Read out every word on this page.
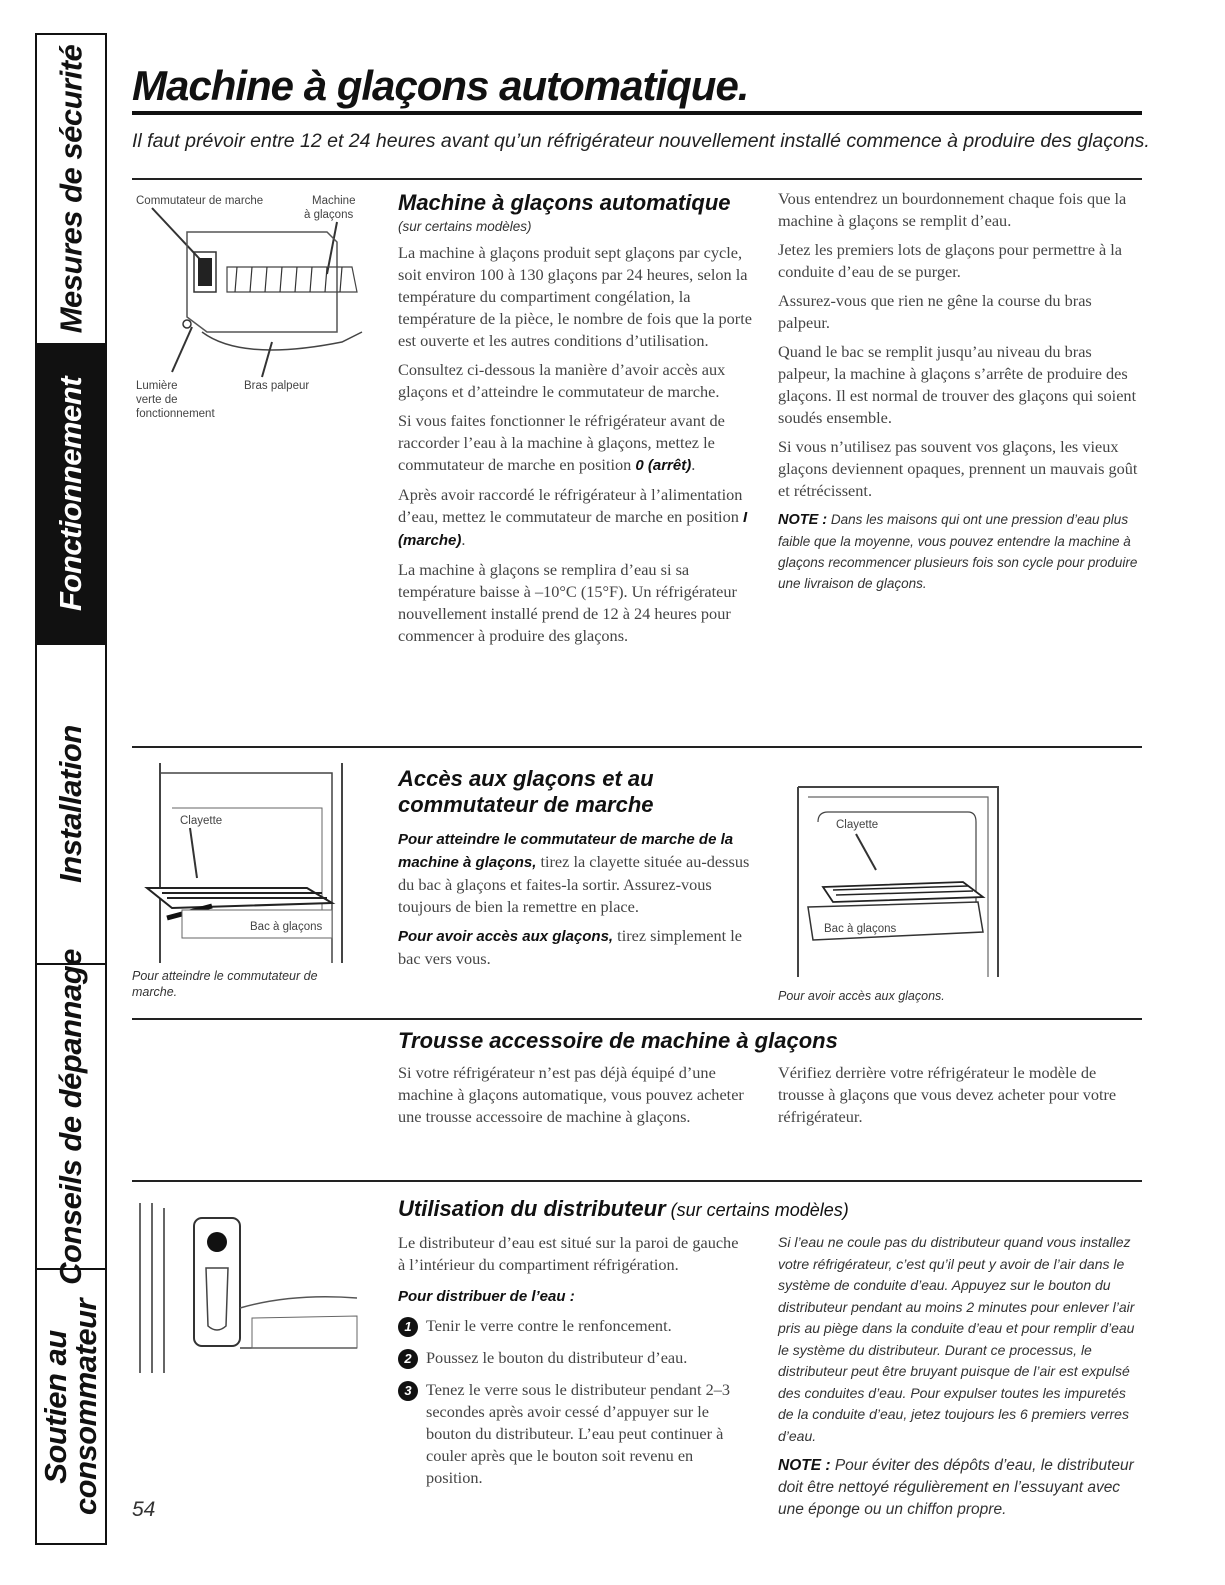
Mesures de sécurité
Fonctionnement
Installation
Conseils de dépannage
Soutien au consommateur
Machine à glaçons automatique.
Il faut prévoir entre 12 et 24 heures avant qu’un réfrigérateur nouvellement installé commence à produire des glaçons.
Commutateur de marche	Machine
à glaçons
Lumière
verte de
fonctionnement
Bras palpeur
Machine à glaçons automatique
(sur certains modèles)

La machine à glaçons produit sept glaçons par cycle, soit environ 100 à 130 glaçons par 24 heures, selon la température du compartiment congélation, la température de la pièce, le nombre de fois que la porte est ouverte et les autres conditions d’utilisation.

Consultez ci-dessous la manière d’avoir accès aux glaçons et d’atteindre le commutateur de marche.

Si vous faites fonctionner le réfrigérateur avant de raccorder l’eau à la machine à glaçons, mettez le commutateur de marche en position 0 (arrêt).

Après avoir raccordé le réfrigérateur à l’alimentation d’eau, mettez le commutateur de marche en position I (marche).

La machine à glaçons se remplira d’eau si sa température baisse à –10°C (15°F). Un réfrigérateur nouvellement installé prend de 12 à 24 heures pour commencer à produire des glaçons.

Vous entendrez un bourdonnement chaque fois que la machine à glaçons se remplit d’eau.

Jetez les premiers lots de glaçons pour permettre à la conduite d’eau de se purger.

Assurez-vous que rien ne gêne la course du bras palpeur.

Quand le bac se remplit jusqu’au niveau du bras palpeur, la machine à glaçons s’arrête de produire des glaçons. Il est normal de trouver des glaçons qui soient soudés ensemble.

Si vous n’utilisez pas souvent vos glaçons, les vieux glaçons deviennent opaques, prennent un mauvais goût et rétrécissent.

NOTE : Dans les maisons qui ont une pression d’eau plus faible que la moyenne, vous pouvez entendre la machine à glaçons recommencer plusieurs fois son cycle pour produire une livraison de glaçons.

Clayette
Bac à glaçons
Pour atteindre le commutateur de marche.
Accès aux glaçons et au
commutateur de marche

Pour atteindre le commutateur de marche de la machine à glaçons, tirez la clayette située au-dessus du bac à glaçons et faites-la sortir. Assurez-vous toujours de bien la remettre en place.

Pour avoir accès aux glaçons, tirez simplement le bac vers vous.

Clayette
Bac à glaçons
Pour avoir accès aux glaçons.
Trousse accessoire de machine à glaçons

Si votre réfrigérateur n’est pas déjà équipé d’une machine à glaçons automatique, vous pouvez acheter une trousse accessoire de machine à glaçons.

Vérifiez derrière votre réfrigérateur le modèle de trousse à glaçons que vous devez acheter pour votre réfrigérateur.

Utilisation du distributeur (sur certains modèles)

Le distributeur d’eau est situé sur la paroi de gauche à l’intérieur du compartiment réfrigération.

Pour distribuer de l’eau :

1 Tenir le verre contre le renfoncement.
2 Poussez le bouton du distributeur d’eau.
3 Tenez le verre sous le distributeur pendant 2–3 secondes après avoir cessé d’appuyer sur le bouton du distributeur. L’eau peut continuer à couler après que le bouton soit revenu en position.

Si l’eau ne coule pas du distributeur quand vous installez votre réfrigérateur, c’est qu’il peut y avoir de l’air dans le système de conduite d’eau. Appuyez sur le bouton du distributeur pendant au moins 2 minutes pour enlever l’air pris au piège dans la conduite d’eau et pour remplir d’eau le système du distributeur. Durant ce processus, le distributeur peut être bruyant puisque de l’air est expulsé des conduites d’eau. Pour expulser toutes les impuretés de la conduite d’eau, jetez toujours les 6 premiers verres d’eau.

NOTE : Pour éviter des dépôts d’eau, le distributeur doit être nettoyé régulièrement en l’essuyant avec une éponge ou un chiffon propre.

54
